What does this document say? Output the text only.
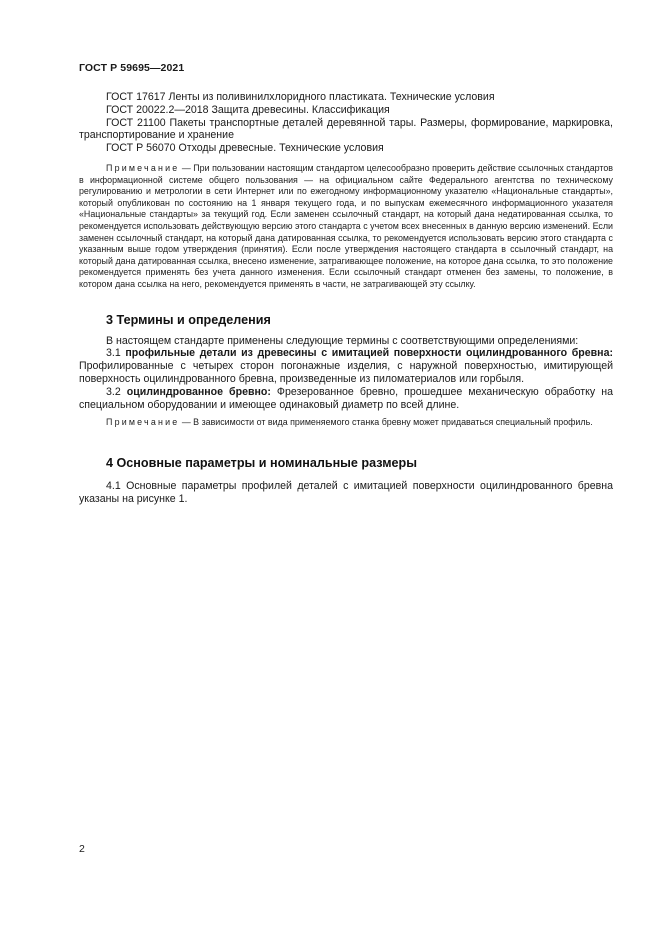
ГОСТ Р 59695—2021

ГОСТ 17617 Ленты из поливинилхлоридного пластиката. Технические условия

ГОСТ 20022.2—2018 Защита древесины. Классификация

ГОСТ 21100 Пакеты транспортные деталей деревянной тары. Размеры, формирование, маркировка, транспортирование и хранение

ГОСТ Р 56070 Отходы древесные. Технические условия

Примечание — При пользовании настоящим стандартом целесообразно проверить действие ссылочных стандартов в информационной системе общего пользования — на официальном сайте Федерального агентства по техническому регулированию и метрологии в сети Интернет или по ежегодному информационному указателю «Национальные стандарты», который опубликован по состоянию на 1 января текущего года, и по выпускам ежемесячного информационного указателя «Национальные стандарты» за текущий год. Если заменен ссылочный стандарт, на который дана недатированная ссылка, то рекомендуется использовать действующую версию этого стандарта с учетом всех внесенных в данную версию изменений. Если заменен ссылочный стандарт, на который дана датированная ссылка, то рекомендуется использовать версию этого стандарта с указанным выше годом утверждения (принятия). Если после утверждения настоящего стандарта в ссылочный стандарт, на который дана датированная ссылка, внесено изменение, затрагивающее положение, на которое дана ссылка, то это положение рекомендуется применять без учета данного изменения. Если ссылочный стандарт отменен без замены, то положение, в котором дана ссылка на него, рекомендуется применять в части, не затрагивающей эту ссылку.

3 Термины и определения

В настоящем стандарте применены следующие термины с соответствующими определениями:

3.1 профильные детали из древесины с имитацией поверхности оцилиндрованного бревна: Профилированные с четырех сторон погонажные изделия, с наружной поверхностью, имитирующей поверхность оцилиндрованного бревна, произведенные из пиломатериалов или горбыля.

3.2 оцилиндрованное бревно: Фрезерованное бревно, прошедшее механическую обработку на специальном оборудовании и имеющее одинаковый диаметр по всей длине.

Примечание — В зависимости от вида применяемого станка бревну может придаваться специальный профиль.

4 Основные параметры и номинальные размеры

4.1 Основные параметры профилей деталей с имитацией поверхности оцилиндрованного бревна указаны на рисунке 1.

2
